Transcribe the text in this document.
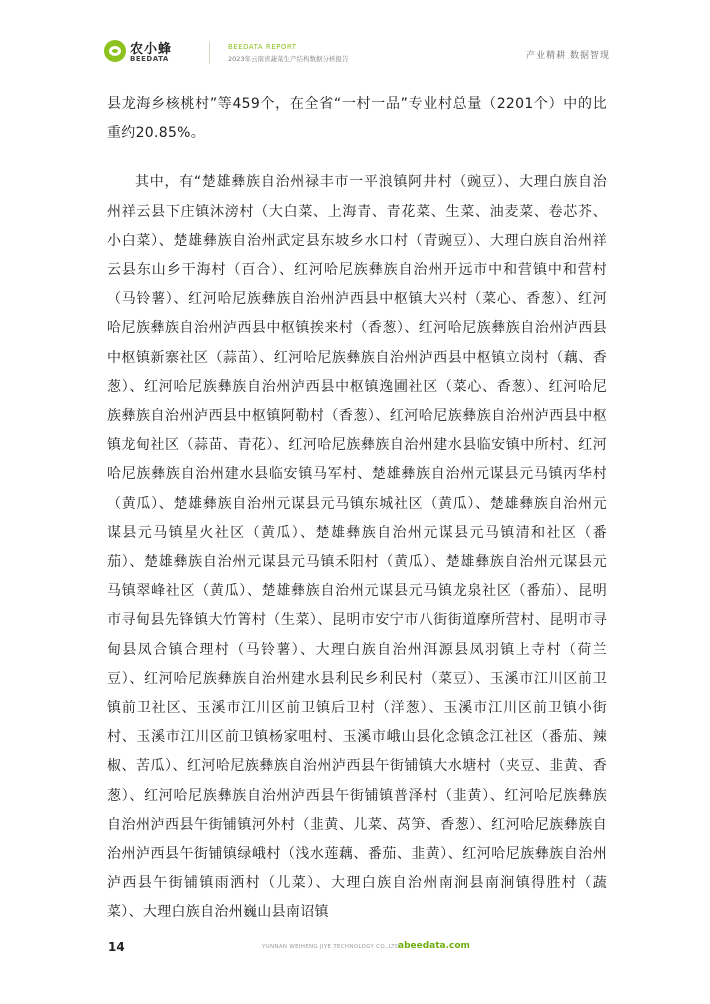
农小蜂
BEEDATA
BEEDATA REPORT
2023年云南省蔬菜生产结构数据分析报告	产业精耕 数据智现

县龙海乡核桃村”等459个，在全省“一村一品”专业村总量（2201个）中的比重约20.85%。

其中，有“楚雄彝族自治州禄丰市一平浪镇阿井村（豌豆）、大理白族自治州祥云县下庄镇沐滂村（大白菜、上海青、青花菜、生菜、油麦菜、卷芯芥、小白菜）、楚雄彝族自治州武定县东坡乡水口村（青豌豆）、大理白族自治州祥云县东山乡干海村（百合）、红河哈尼族彝族自治州开远市中和营镇中和营村（马铃薯）、红河哈尼族彝族自治州泸西县中枢镇大兴村（菜心、香葱）、红河哈尼族彝族自治州泸西县中枢镇挨来村（香葱）、红河哈尼族彝族自治州泸西县中枢镇新寨社区（蒜苗）、红河哈尼族彝族自治州泸西县中枢镇立岗村（藕、香葱）、红河哈尼族彝族自治州泸西县中枢镇逸圃社区（菜心、香葱）、红河哈尼族彝族自治州泸西县中枢镇阿勒村（香葱）、红河哈尼族彝族自治州泸西县中枢镇龙甸社区（蒜苗、青花）、红河哈尼族彝族自治州建水县临安镇中所村、红河哈尼族彝族自治州建水县临安镇马军村、楚雄彝族自治州元谋县元马镇丙华村（黄瓜）、楚雄彝族自治州元谋县元马镇东城社区（黄瓜）、楚雄彝族自治州元谋县元马镇星火社区（黄瓜）、楚雄彝族自治州元谋县元马镇清和社区（番茄）、楚雄彝族自治州元谋县元马镇禾阳村（黄瓜）、楚雄彝族自治州元谋县元马镇翠峰社区（黄瓜）、楚雄彝族自治州元谋县元马镇龙泉社区（番茄）、昆明市寻甸县先锋镇大竹箐村（生菜）、昆明市安宁市八街街道摩所营村、昆明市寻甸县凤合镇合理村（马铃薯）、大理白族自治州洱源县凤羽镇上寺村（荷兰豆）、红河哈尼族彝族自治州建水县利民乡利民村（菜豆）、玉溪市江川区前卫镇前卫社区、玉溪市江川区前卫镇后卫村（洋葱）、玉溪市江川区前卫镇小街村、玉溪市江川区前卫镇杨家咀村、玉溪市峨山县化念镇念江社区（番茄、辣椒、苦瓜）、红河哈尼族彝族自治州泸西县午街铺镇大水塘村（夹豆、韭黄、香葱）、红河哈尼族彝族自治州泸西县午街铺镇普泽村（韭黄）、红河哈尼族彝族自治州泸西县午街铺镇河外村（韭黄、儿菜、莴笋、香葱）、红河哈尼族彝族自治州泸西县午街铺镇绿峨村（浅水莲藕、番茄、韭黄）、红河哈尼族彝族自治州泸西县午街铺镇雨洒村（儿菜）、大理白族自治州南涧县南涧镇得胜村（蔬菜）、大理白族自治州巍山县南诏镇

14	YUNNAN WEIHENG JIYE TECHNOLOGY CO.,LTD.
abeedata.com
